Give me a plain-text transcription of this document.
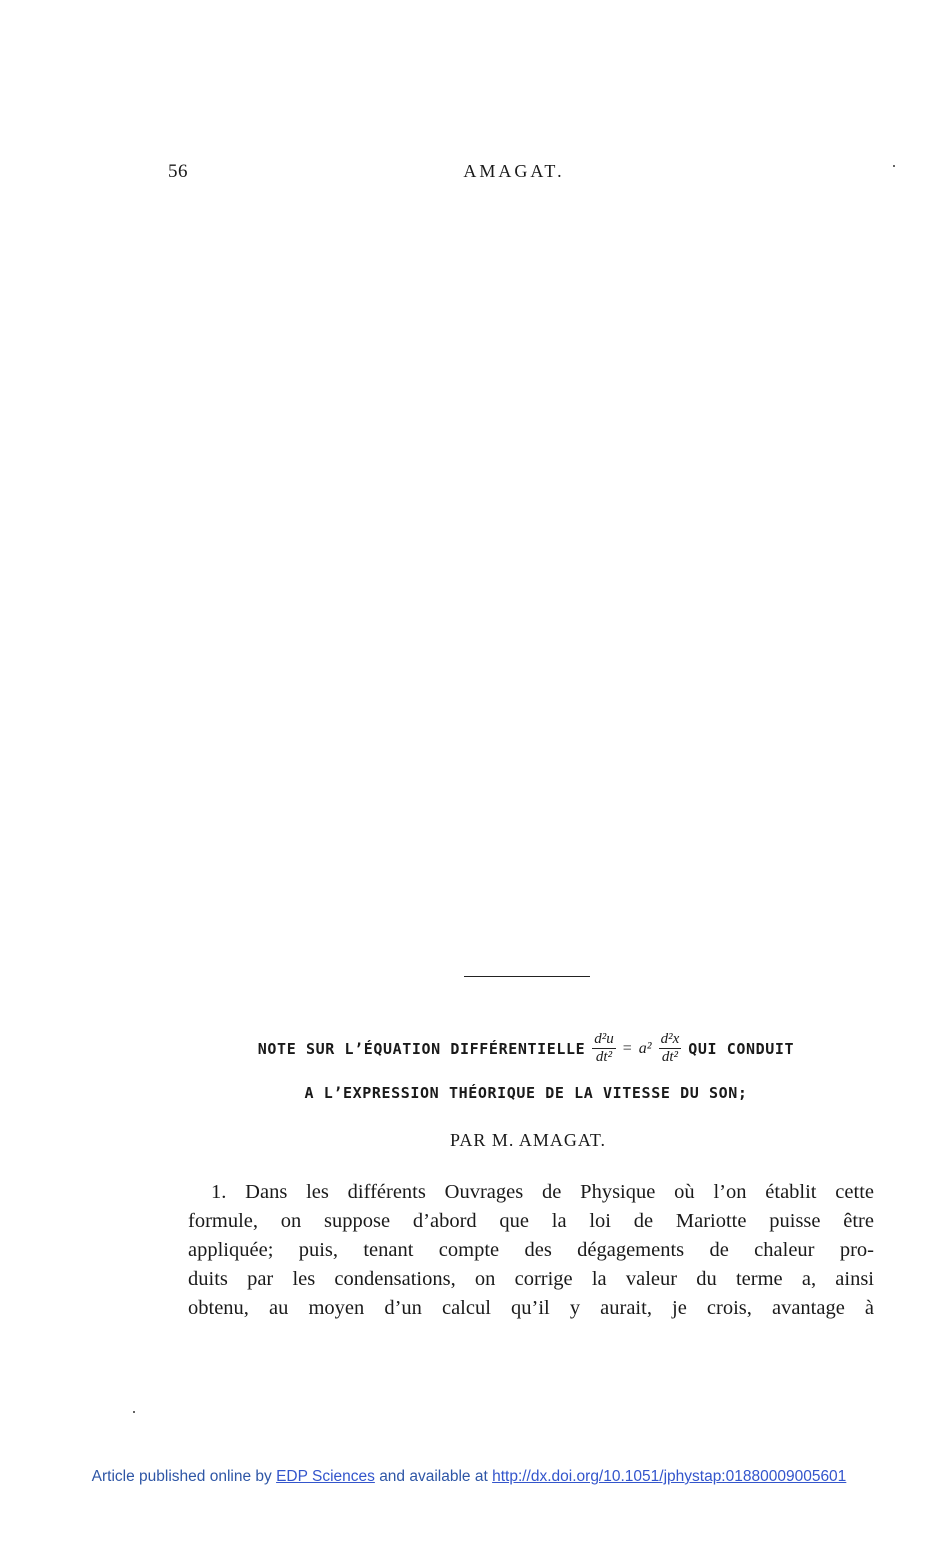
56	AMAGAT.
NOTE SUR L’ÉQUATION DIFFÉRENTIELLE $\frac{\text{d²u}}{\text{dt²}} = a^2 \frac{\text{d²x}}{\text{dt²}}$ QUI CONDUIT
A L’EXPRESSION THÉORIQUE DE LA VITESSE DU SON;
PAR M. AMAGAT.
1. Dans les différents Ouvrages de Physique où l’on établit cette
formule, on suppose d’abord que la loi de Mariotte puisse être
appliquée; puis, tenant compte des dégagements de chaleur pro-
duits par les condensations, on corrige la valeur du terme a, ainsi
obtenu, au moyen d’un calcul qu’il y aurait, je crois, avantage à
Article published online by EDP Sciences and available at http://dx.doi.org/10.1051/jphystap:01880009005601
